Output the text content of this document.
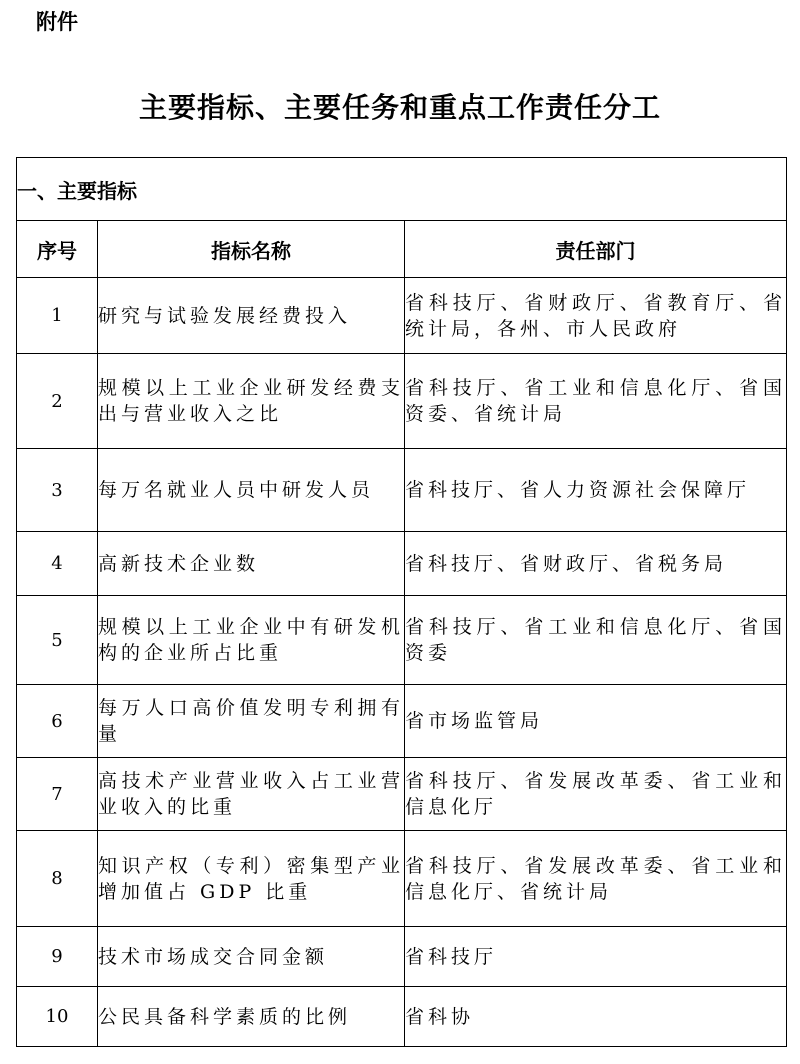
附件
主要指标、主要任务和重点工作责任分工
一、主要指标		
序号	指标名称	责任部门
1	研究与试验发展经费投入	省科技厅、省财政厅、省教育厅、省统计局，各州、市人民政府
2	规模以上工业企业研发经费支出与营业收入之比	省科技厅、省工业和信息化厅、省国资委、省统计局
3	每万名就业人员中研发人员	省科技厅、省人力资源社会保障厅
4	高新技术企业数	省科技厅、省财政厅、省税务局
5	规模以上工业企业中有研发机构的企业所占比重	省科技厅、省工业和信息化厅、省国资委
6	每万人口高价值发明专利拥有量	省市场监管局
7	高技术产业营业收入占工业营业收入的比重	省科技厅、省发展改革委、省工业和信息化厅
8	知识产权（专利）密集型产业增加值占 GDP 比重	省科技厅、省发展改革委、省工业和信息化厅、省统计局
9	技术市场成交合同金额	省科技厅
10	公民具备科学素质的比例	省科协
